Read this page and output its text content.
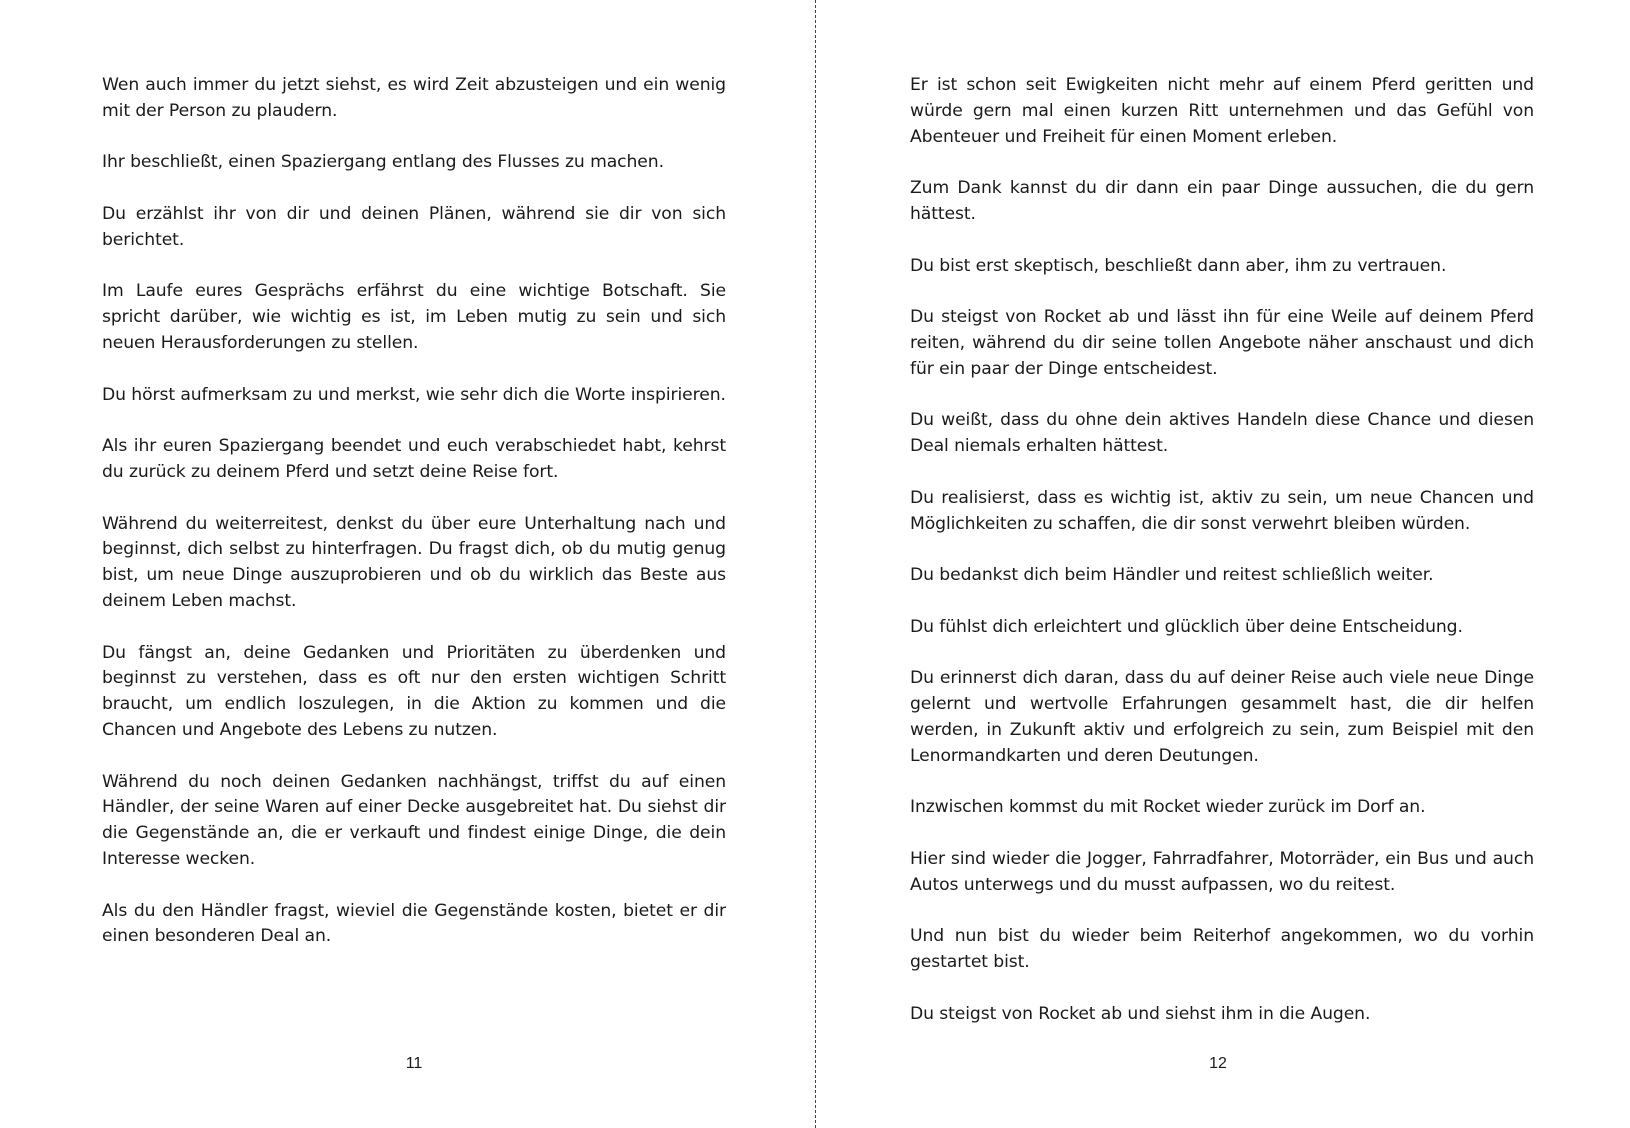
Wen auch immer du jetzt siehst, es wird Zeit abzusteigen und ein wenig mit der Person zu plaudern.

Ihr beschließt, einen Spaziergang entlang des Flusses zu machen.

Du erzählst ihr von dir und deinen Plänen, während sie dir von sich berichtet.

Im Laufe eures Gesprächs erfährst du eine wichtige Botschaft. Sie spricht darüber, wie wichtig es ist, im Leben mutig zu sein und sich neuen Herausforderungen zu stellen.

Du hörst aufmerksam zu und merkst, wie sehr dich die Worte inspirieren.

Als ihr euren Spaziergang beendet und euch verabschiedet habt, kehrst du zurück zu deinem Pferd und setzt deine Reise fort.

Während du weiterreitest, denkst du über eure Unterhaltung nach und beginnst, dich selbst zu hinterfragen. Du fragst dich, ob du mutig genug bist, um neue Dinge auszuprobieren und ob du wirklich das Beste aus deinem Leben machst.

Du fängst an, deine Gedanken und Prioritäten zu überdenken und beginnst zu verstehen, dass es oft nur den ersten wichtigen Schritt braucht, um endlich loszulegen, in die Aktion zu kommen und die Chancen und Angebote des Lebens zu nutzen.

Während du noch deinen Gedanken nachhängst, triffst du auf einen Händler, der seine Waren auf einer Decke ausgebreitet hat. Du siehst dir die Gegenstände an, die er verkauft und findest einige Dinge, die dein Interesse wecken.

Als du den Händler fragst, wieviel die Gegenstände kosten, bietet er dir einen besonderen Deal an.

11

Er ist schon seit Ewigkeiten nicht mehr auf einem Pferd geritten und würde gern mal einen kurzen Ritt unternehmen und das Gefühl von Abenteuer und Freiheit für einen Moment erleben.

Zum Dank kannst du dir dann ein paar Dinge aussuchen, die du gern hättest.

Du bist erst skeptisch, beschließt dann aber, ihm zu vertrauen.

Du steigst von Rocket ab und lässt ihn für eine Weile auf deinem Pferd reiten, während du dir seine tollen Angebote näher anschaust und dich für ein paar der Dinge entscheidest.

Du weißt, dass du ohne dein aktives Handeln diese Chance und diesen Deal niemals erhalten hättest.

Du realisierst, dass es wichtig ist, aktiv zu sein, um neue Chancen und Möglichkeiten zu schaffen, die dir sonst verwehrt bleiben würden.

Du bedankst dich beim Händler und reitest schließlich weiter.

Du fühlst dich erleichtert und glücklich über deine Entscheidung.

Du erinnerst dich daran, dass du auf deiner Reise auch viele neue Dinge gelernt und wertvolle Erfahrungen gesammelt hast, die dir helfen werden, in Zukunft aktiv und erfolgreich zu sein, zum Beispiel mit den Lenormandkarten und deren Deutungen.

Inzwischen kommst du mit Rocket wieder zurück im Dorf an.

Hier sind wieder die Jogger, Fahrradfahrer, Motorräder, ein Bus und auch Autos unterwegs und du musst aufpassen, wo du reitest.

Und nun bist du wieder beim Reiterhof angekommen, wo du vorhin gestartet bist.

Du steigst von Rocket ab und siehst ihm in die Augen.

12
